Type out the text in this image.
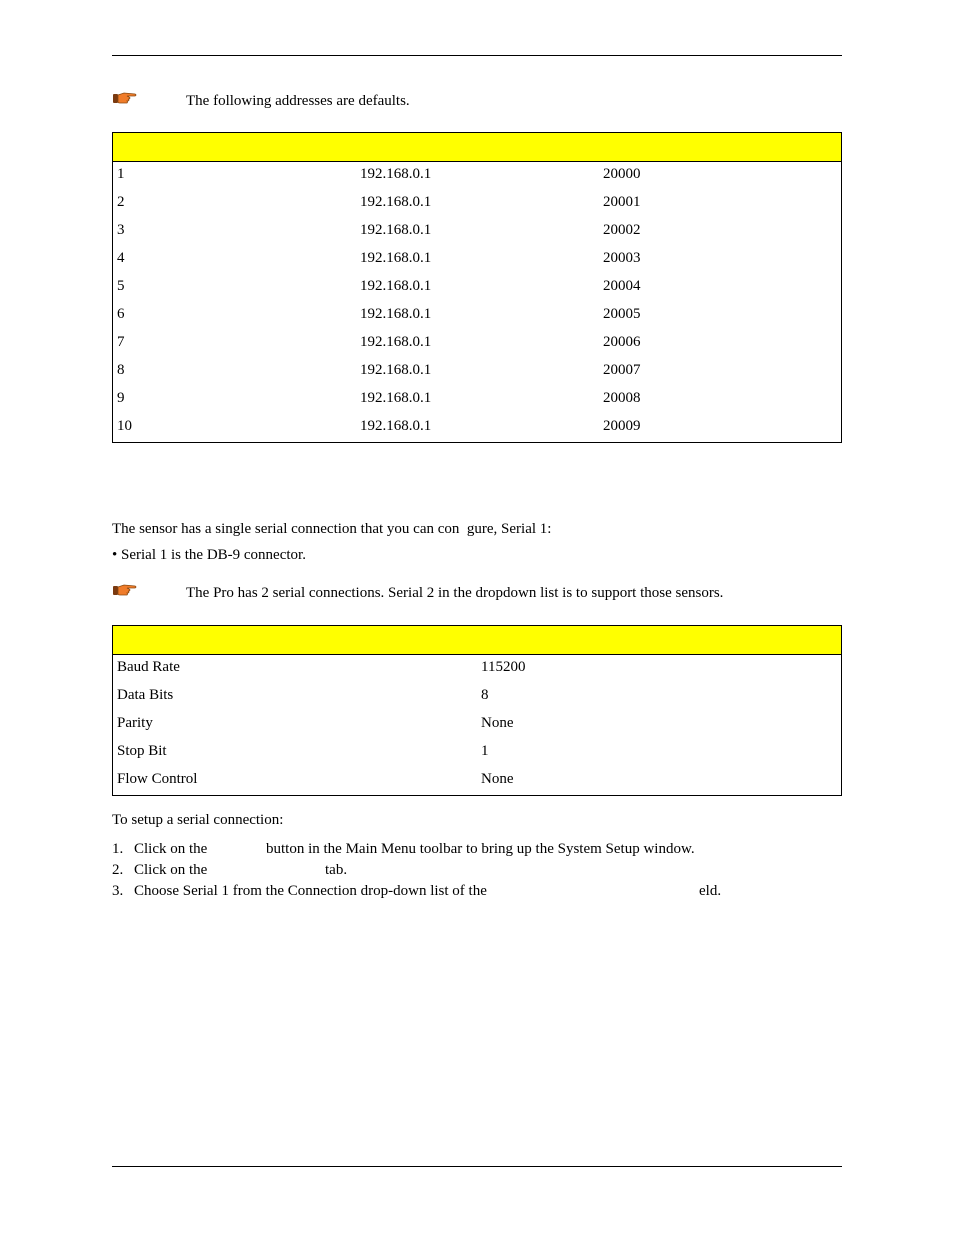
The following addresses are defaults.
1	192.168.0.1	20000
2	192.168.0.1	20001
3	192.168.0.1	20002
4	192.168.0.1	20003
5	192.168.0.1	20004
6	192.168.0.1	20005
7	192.168.0.1	20006
8	192.168.0.1	20007
9	192.168.0.1	20008
10	192.168.0.1	20009
The sensor has a single serial connection that you can con gure, Serial 1:
• Serial 1 is the DB-9 connector.
The Pro has 2 serial connections. Serial 2 in the dropdown list is to support those sensors.
Baud Rate	115200
Data Bits	8
Parity	None
Stop Bit	1
Flow Control	None
To setup a serial connection:
1. Click on the	button in the Main Menu toolbar to bring up the System Setup window.
2. Click on the	tab.
3. Choose Serial 1 from the Connection drop-down list of the	eld.
